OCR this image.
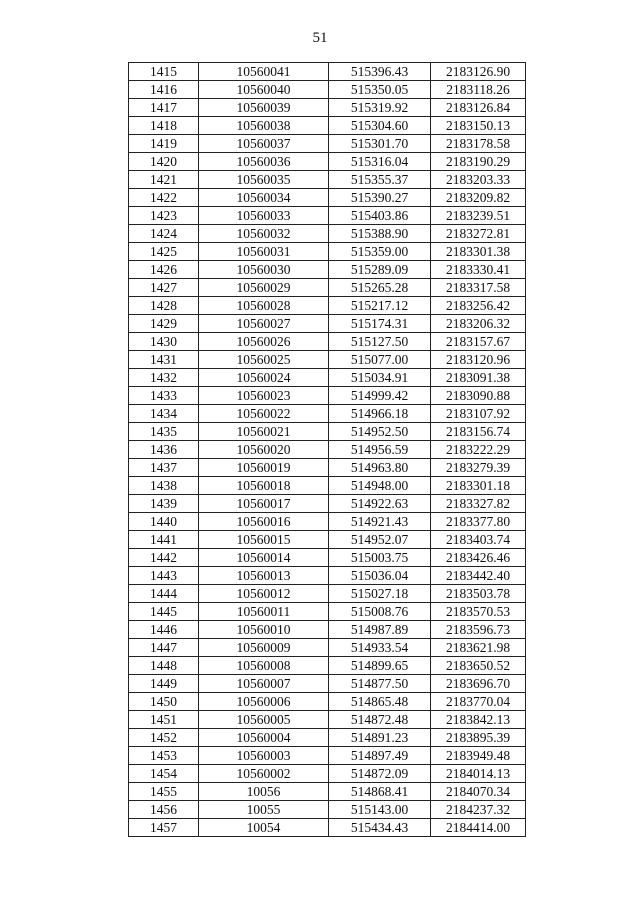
51
1415	10560041	515396.43	2183126.90
1416	10560040	515350.05	2183118.26
1417	10560039	515319.92	2183126.84
1418	10560038	515304.60	2183150.13
1419	10560037	515301.70	2183178.58
1420	10560036	515316.04	2183190.29
1421	10560035	515355.37	2183203.33
1422	10560034	515390.27	2183209.82
1423	10560033	515403.86	2183239.51
1424	10560032	515388.90	2183272.81
1425	10560031	515359.00	2183301.38
1426	10560030	515289.09	2183330.41
1427	10560029	515265.28	2183317.58
1428	10560028	515217.12	2183256.42
1429	10560027	515174.31	2183206.32
1430	10560026	515127.50	2183157.67
1431	10560025	515077.00	2183120.96
1432	10560024	515034.91	2183091.38
1433	10560023	514999.42	2183090.88
1434	10560022	514966.18	2183107.92
1435	10560021	514952.50	2183156.74
1436	10560020	514956.59	2183222.29
1437	10560019	514963.80	2183279.39
1438	10560018	514948.00	2183301.18
1439	10560017	514922.63	2183327.82
1440	10560016	514921.43	2183377.80
1441	10560015	514952.07	2183403.74
1442	10560014	515003.75	2183426.46
1443	10560013	515036.04	2183442.40
1444	10560012	515027.18	2183503.78
1445	10560011	515008.76	2183570.53
1446	10560010	514987.89	2183596.73
1447	10560009	514933.54	2183621.98
1448	10560008	514899.65	2183650.52
1449	10560007	514877.50	2183696.70
1450	10560006	514865.48	2183770.04
1451	10560005	514872.48	2183842.13
1452	10560004	514891.23	2183895.39
1453	10560003	514897.49	2183949.48
1454	10560002	514872.09	2184014.13
1455	10056	514868.41	2184070.34
1456	10055	515143.00	2184237.32
1457	10054	515434.43	2184414.00
